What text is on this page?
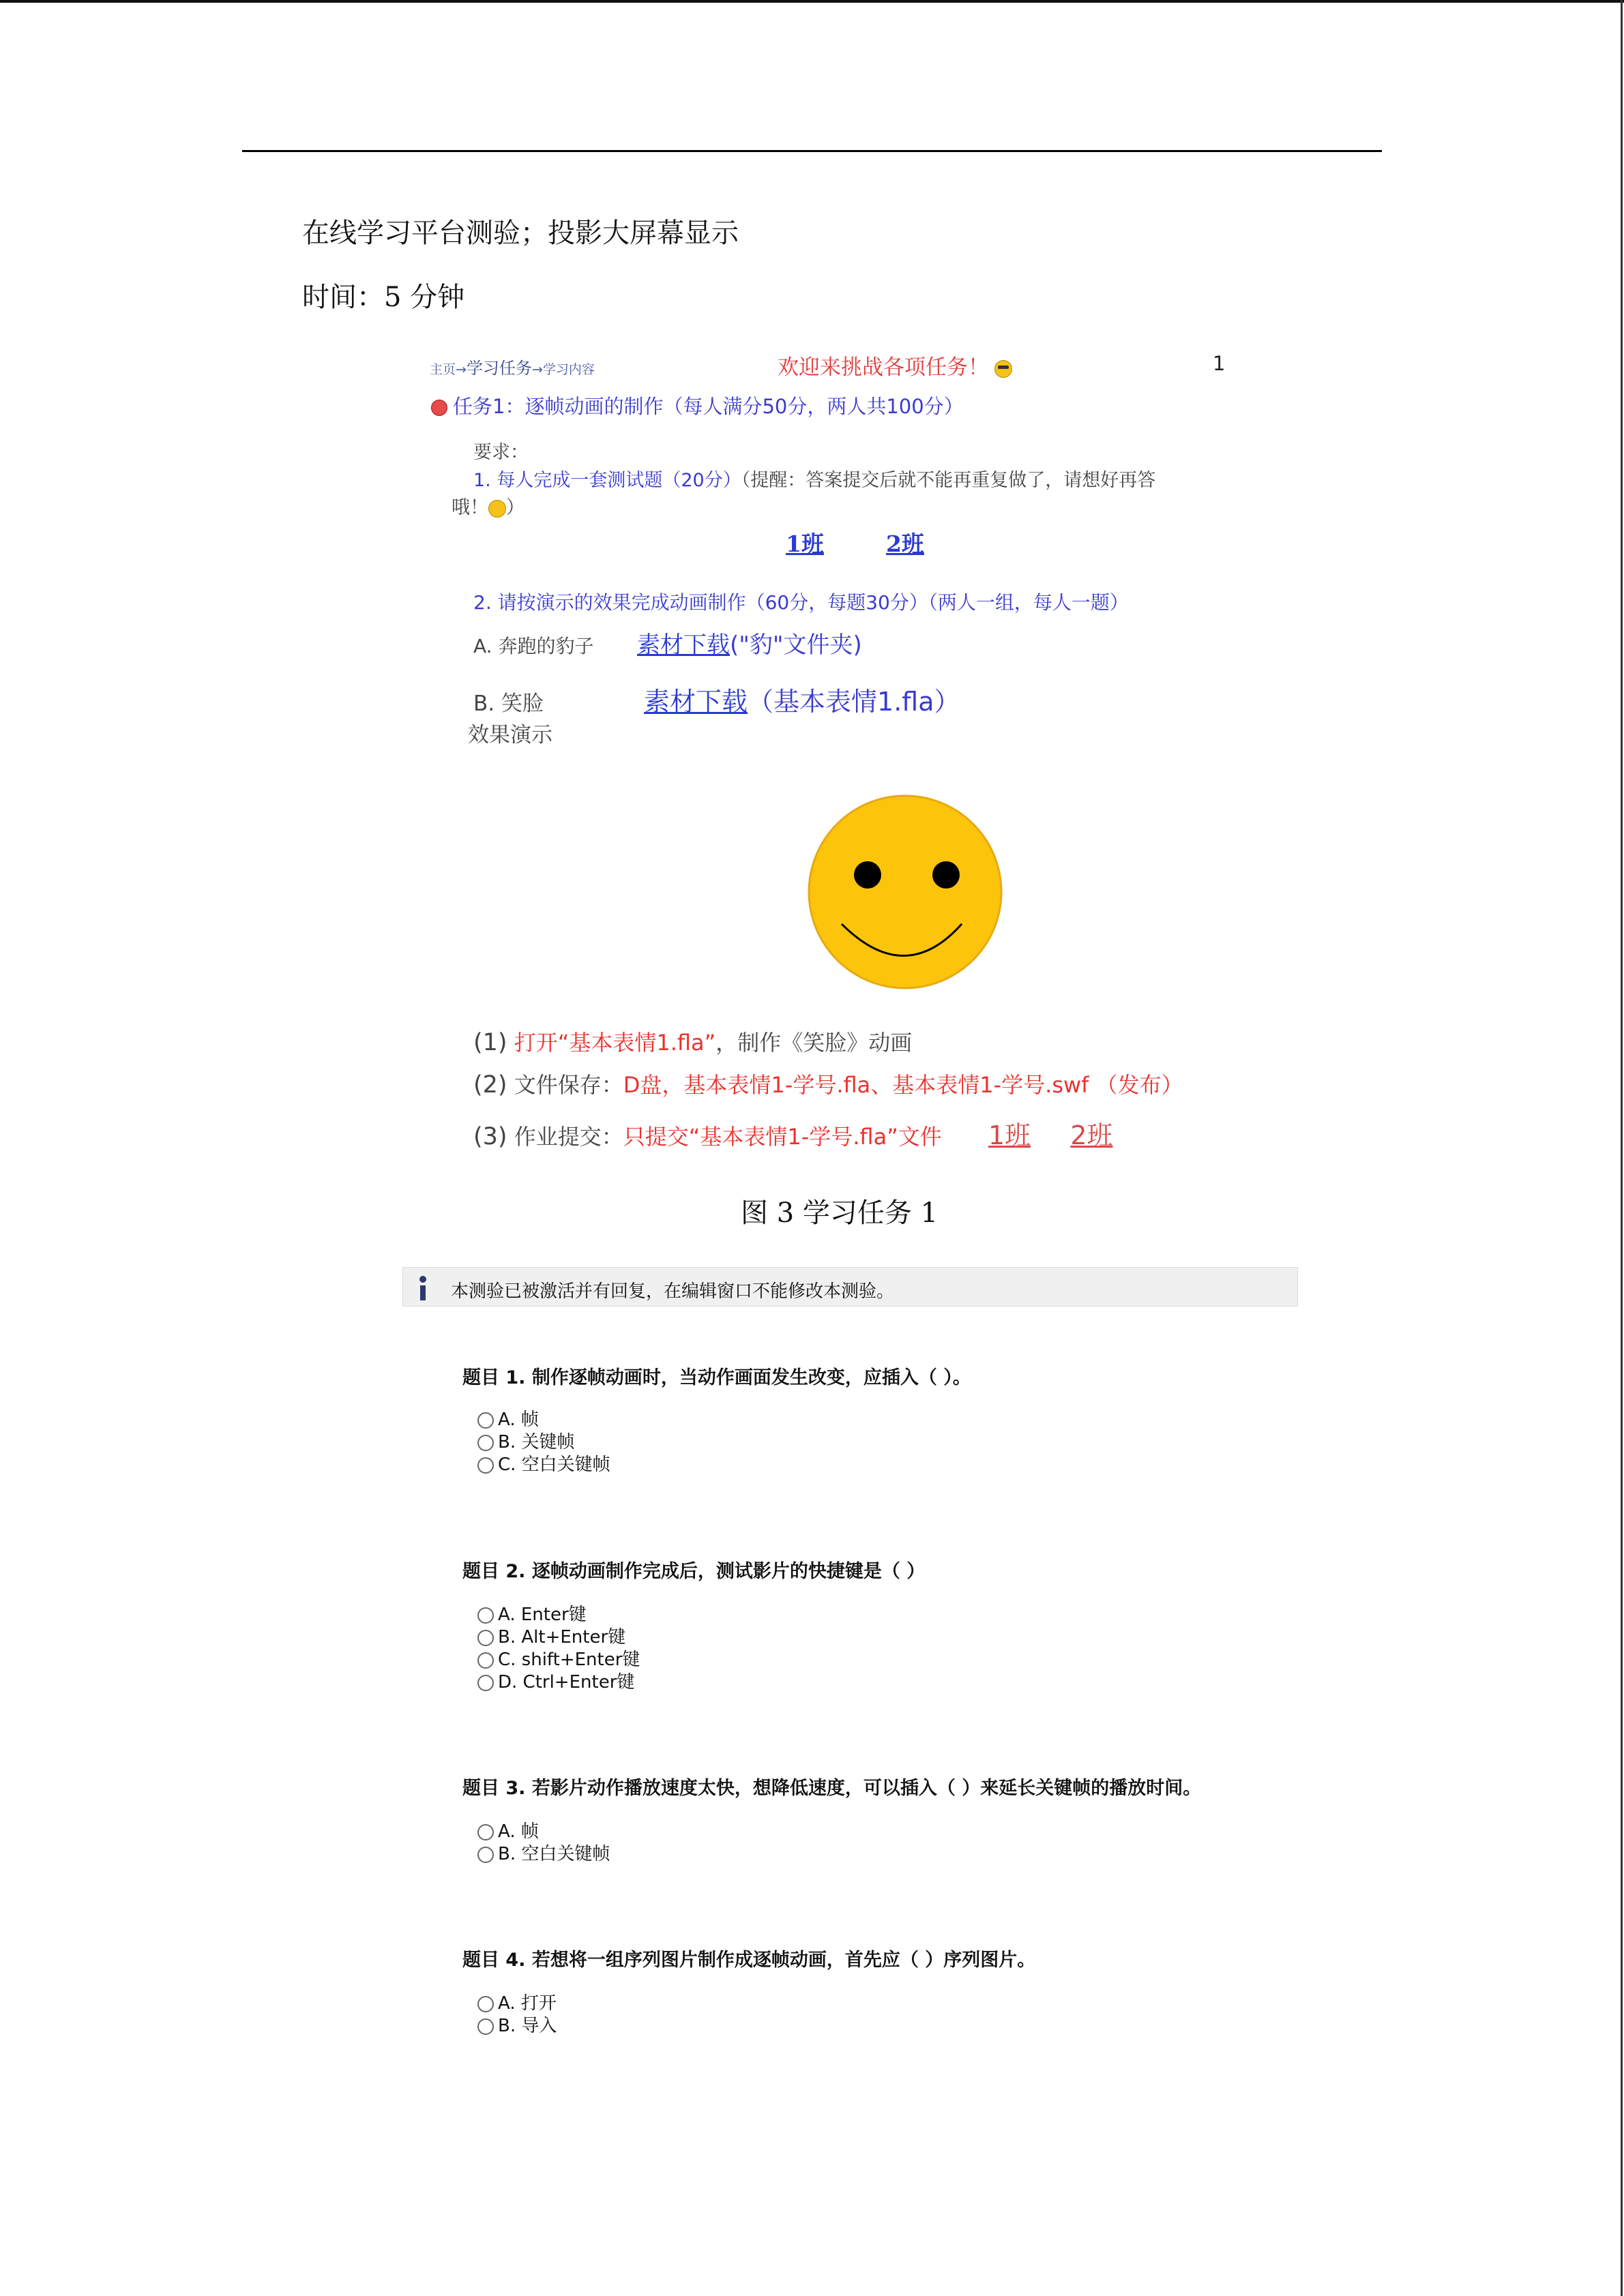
在线学习平台测验；投影大屏幕显示
时间：5 分钟
主页→学习任务→学习内容	欢迎来挑战各项任务！	1
任务1：逐帧动画的制作（每人满分50分，两人共100分）
要求：
1. 每人完成一套测试题（20分）（提醒：答案提交后就不能再重复做了，请想好再答
哦！ ）
1班	2班
2. 请按演示的效果完成动画制作（60分，每题30分）（两人一组，每人一题）
A. 奔跑的豹子 素材下载("豹"文件夹)
B. 笑脸	素材下载（基本表情1.fla）
效果演示
(1) 打开“基本表情1.fla”，制作《笑脸》动画
(2) 文件保存：D盘，基本表情1-学号.fla、基本表情1-学号.swf （发布）
(3) 作业提交：只提交“基本表情1-学号.fla”文件 1班 2班
图 3 学习任务 1
本测验已被激活并有回复，在编辑窗口不能修改本测验。
题目 1. 制作逐帧动画时，当动作画面发生改变，应插入（ ）。
A. 帧
B. 关键帧
C. 空白关键帧
题目 2. 逐帧动画制作完成后，测试影片的快捷键是（ ）
A. Enter键
B. Alt+Enter键
C. shift+Enter键
D. Ctrl+Enter键
题目 3. 若影片动作播放速度太快，想降低速度，可以插入（ ）来延长关键帧的播放时间。
A. 帧
B. 空白关键帧
题目 4. 若想将一组序列图片制作成逐帧动画，首先应（ ）序列图片。
A. 打开
B. 导入
